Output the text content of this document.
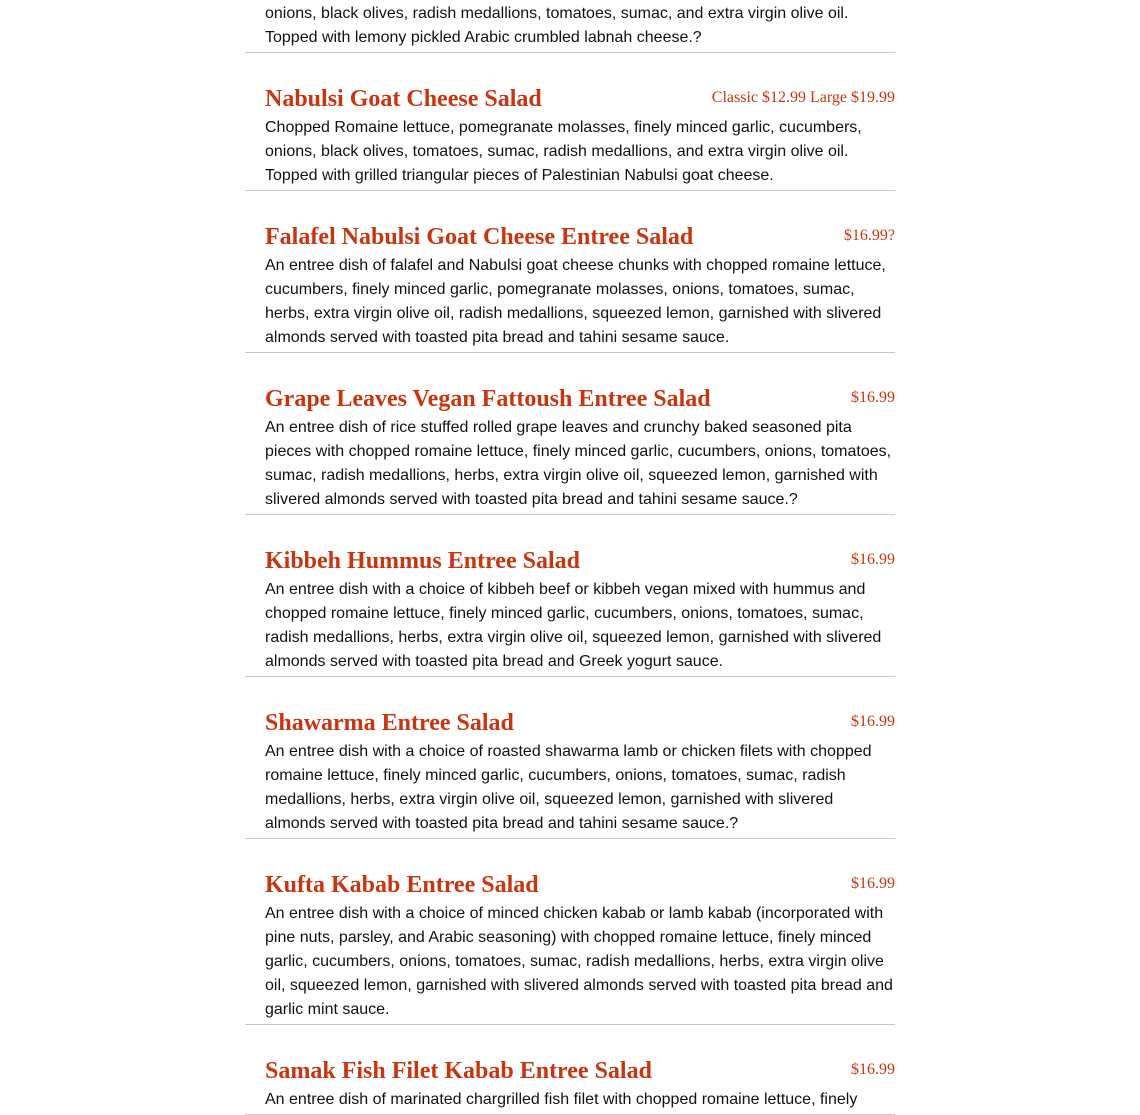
onions, black olives, radish medallions, tomatoes, sumac, and extra virgin olive oil. Topped with lemony pickled Arabic crumbled labnah cheese.?

Nabulsi Goat Cheese Salad	Classic $12.99 Large $19.99

Chopped Romaine lettuce, pomegranate molasses, finely minced garlic, cucumbers, onions, black olives, tomatoes, sumac, radish medallions, and extra virgin olive oil. Topped with grilled triangular pieces of Palestinian Nabulsi goat cheese.

Falafel Nabulsi Goat Cheese Entree Salad	$16.99?

An entree dish of falafel and Nabulsi goat cheese chunks with chopped romaine lettuce, cucumbers, finely minced garlic, pomegranate molasses, onions, tomatoes, sumac, herbs, extra virgin olive oil, radish medallions, squeezed lemon, garnished with slivered almonds served with toasted pita bread and tahini sesame sauce.

Grape Leaves Vegan Fattoush Entree Salad	$16.99

An entree dish of rice stuffed rolled grape leaves and crunchy baked seasoned pita pieces with chopped romaine lettuce, finely minced garlic, cucumbers, onions, tomatoes, sumac, radish medallions, herbs, extra virgin olive oil, squeezed lemon, garnished with slivered almonds served with toasted pita bread and tahini sesame sauce.?

Kibbeh Hummus Entree Salad	$16.99

An entree dish with a choice of kibbeh beef or kibbeh vegan mixed with hummus and chopped romaine lettuce, finely minced garlic, cucumbers, onions, tomatoes, sumac, radish medallions, herbs, extra virgin olive oil, squeezed lemon, garnished with slivered almonds served with toasted pita bread and Greek yogurt sauce.

Shawarma Entree Salad	$16.99

An entree dish with a choice of roasted shawarma lamb or chicken filets with chopped romaine lettuce, finely minced garlic, cucumbers, onions, tomatoes, sumac, radish medallions, herbs, extra virgin olive oil, squeezed lemon, garnished with slivered almonds served with toasted pita bread and tahini sesame sauce.?

Kufta Kabab Entree Salad	$16.99

An entree dish with a choice of minced chicken kabab or lamb kabab (incorporated with pine nuts, parsley, and Arabic seasoning) with chopped romaine lettuce, finely minced garlic, cucumbers, onions, tomatoes, sumac, radish medallions, herbs, extra virgin olive oil, squeezed lemon, garnished with slivered almonds served with toasted pita bread and garlic mint sauce.

Samak Fish Filet Kabab Entree Salad	$16.99

An entree dish of marinated chargrilled fish filet with chopped romaine lettuce, finely
